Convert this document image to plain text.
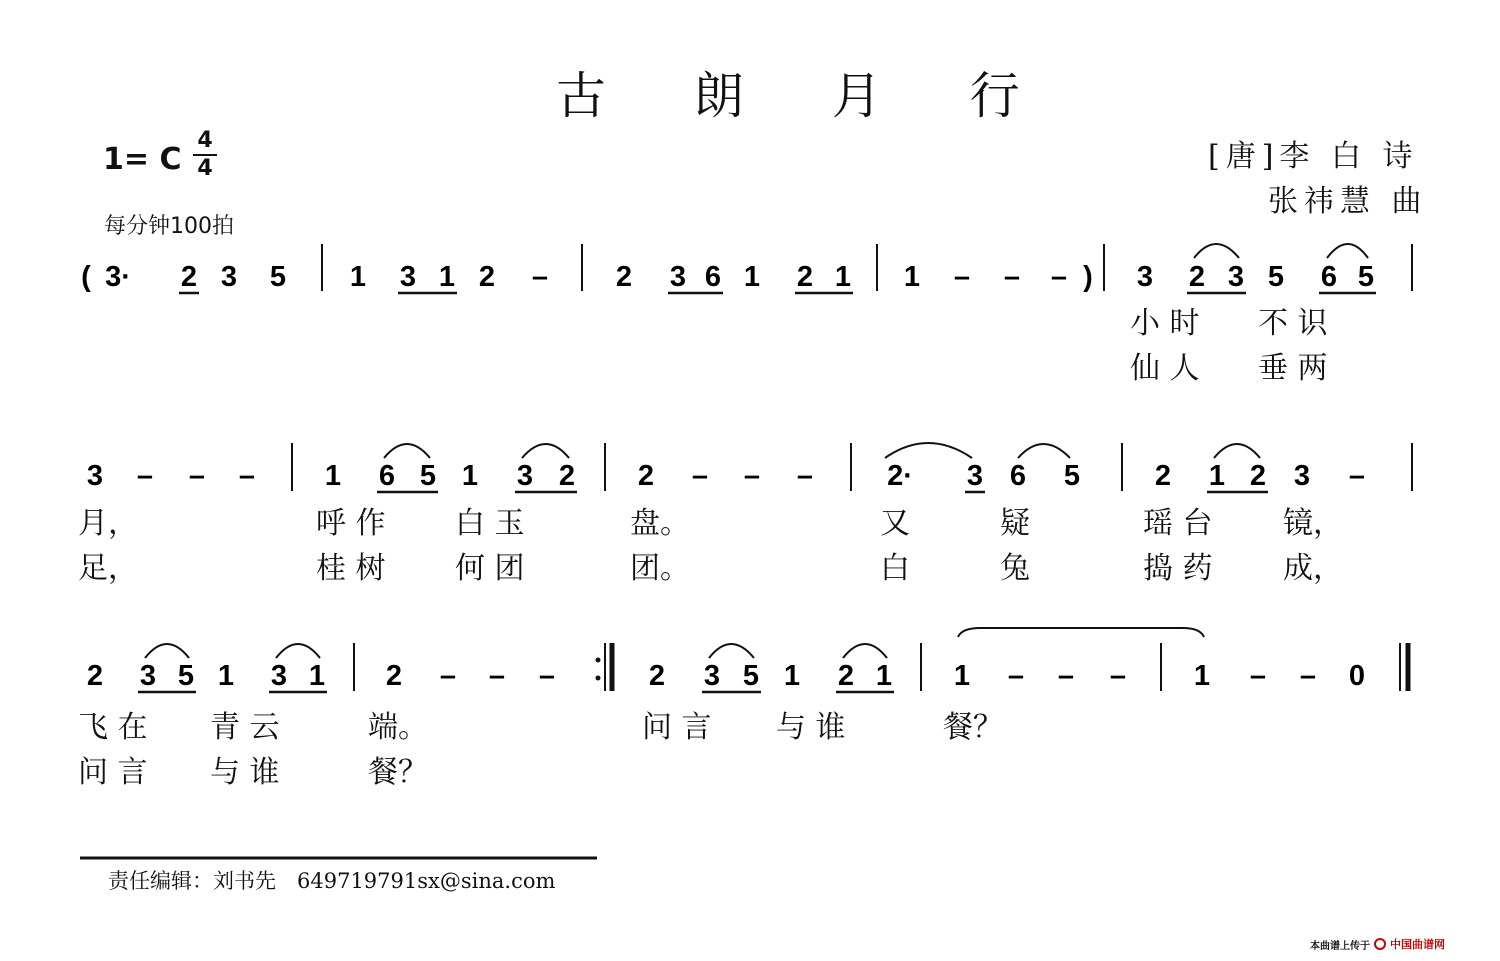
古 朗 月 行
1= C
4
4
每分钟100拍
[唐]李 白 诗
张祎慧 曲
( 3· 2 3 5 1 3 1 2 – 2 3 6 1 2 1 1 – – – ) 3 2 3 5 6 5
小 时 不 识
仙 人 垂 两
3 – – – 1 6 5 1 3 2 2 – – –	2· 3 6 5	2 1 2 3 –
月，	呼 作 白 玉	盘。	又	疑	瑶 台 镜，
足，	桂 树 何 团	团。	白	兔	捣 药 成，
2 3 5 1 3 1 2 – – –	2 3 5 1 2 1 1 – – – 1 – – 0
飞 在 青 云	端。	问 言 与 谁	餐？
问 言 与 谁	餐？
责任编辑：刘书先　649719791sx@sina.com
本曲谱上传于 中国曲谱网
